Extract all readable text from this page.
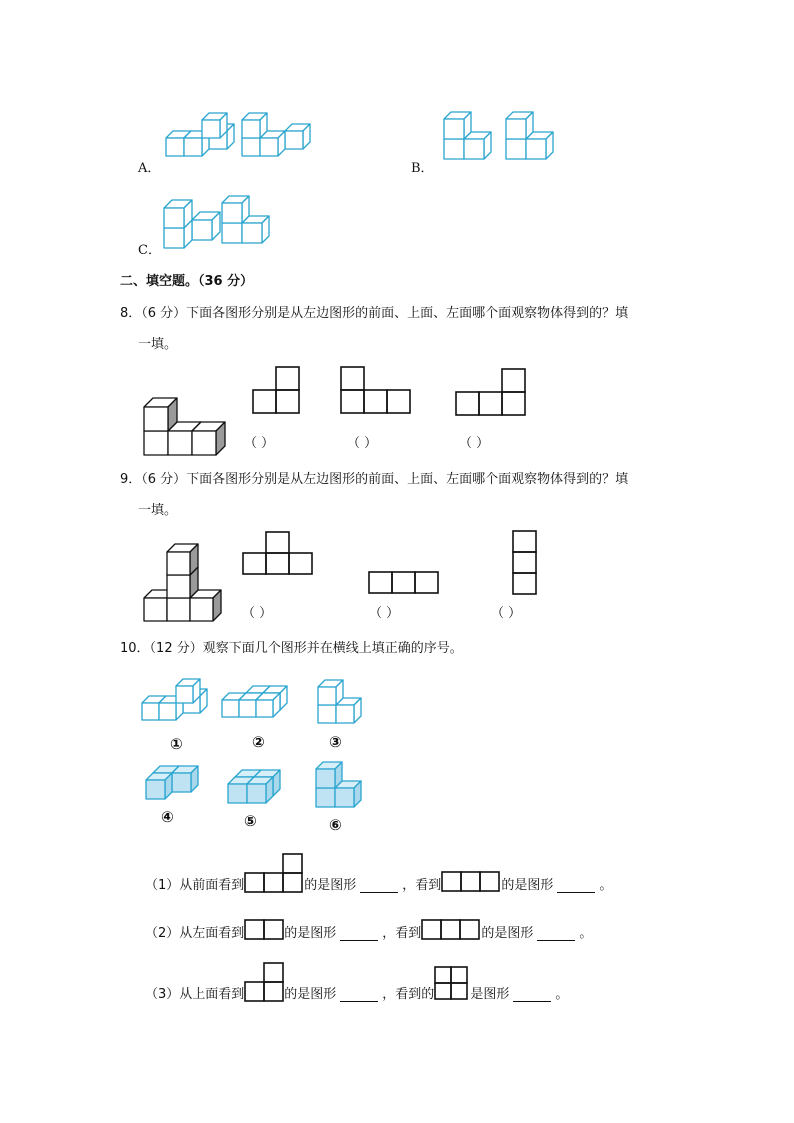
A．	B．
C．
二、填空题。（36 分）
8．（6 分）下面各图形分别是从左边图形的前面、上面、左面哪个面观察物体得到的？填
一填。
（ ）	（ ）	（ ）
9．（6 分）下面各图形分别是从左边图形的前面、上面、左面哪个面观察物体得到的？填
一填。
（ ）	（ ）	（ ）
10．（12 分）观察下面几个图形并在横线上填正确的序号。
①	②	③
④	⑤	⑥
（1）从前面看到	的是图形	，看到	的是图形	。
（2）从左面看到	的是图形	，看到	的是图形	。
（3）从上面看到	的是图形	，看到的	是图形	。
